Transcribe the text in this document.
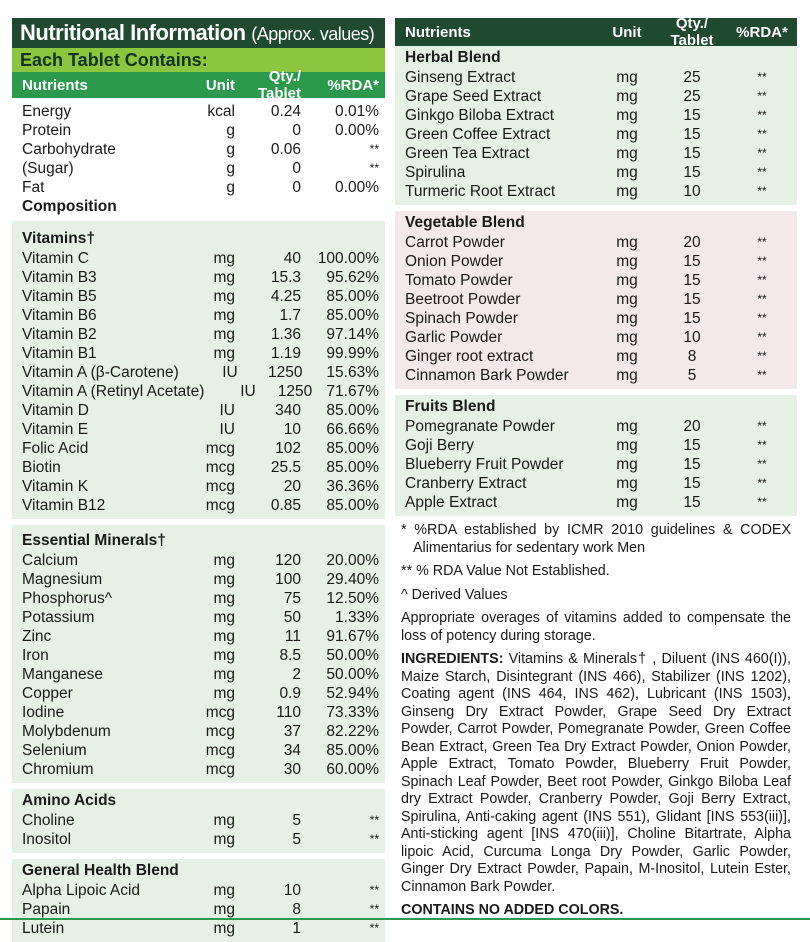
Nutritional Information (Approx. values)
Each Tablet Contains:
Nutrients	Unit	Qty./ Tablet	%RDA*
Energy	kcal	0.24	0.01%
Protein	g	0	0.00%
Carbohydrate	g	0.06	**
(Sugar)	g	0	**
Fat	g	0	0.00%
Composition
Vitamins†
Vitamin C	mg	40	100.00%
Vitamin B3	mg	15.3	95.62%
Vitamin B5	mg	4.25	85.00%
Vitamin B6	mg	1.7	85.00%
Vitamin B2	mg	1.36	97.14%
Vitamin B1	mg	1.19	99.99%
Vitamin A (β-Carotene)	IU	1250	15.63%
Vitamin A (Retinyl Acetate)	IU	1250 71.67%
Vitamin D	IU	340	85.00%
Vitamin E	IU	10	66.66%
Folic Acid	mcg	102	85.00%
Biotin	mcg	25.5	85.00%
Vitamin K	mcg	20	36.36%
Vitamin B12	mcg	0.85	85.00%
Essential Minerals†
Calcium	mg	120	20.00%
Magnesium	mg	100	29.40%
Phosphorus^	mg	75	12.50%
Potassium	mg	50	1.33%
Zinc	mg	11	91.67%
Iron	mg	8.5	50.00%
Manganese	mg	2	50.00%
Copper	mg	0.9	52.94%
Iodine	mcg	110	73.33%
Molybdenum	mcg	37	82.22%
Selenium	mcg	34	85.00%
Chromium	mcg	30	60.00%
Amino Acids
Choline	mg	5	**
Inositol	mg	5	**
General Health Blend
Alpha Lipoic Acid	mg	10	**
Papain	mg	8	**
Lutein	mg	1	**
Nutrients	Unit	Qty./ Tablet	%RDA*
Herbal Blend
Ginseng Extract	mg	25	**
Grape Seed Extract	mg	25	**
Ginkgo Biloba Extract	mg	15	**
Green Coffee Extract	mg	15	**
Green Tea Extract	mg	15	**
Spirulina	mg	15	**
Turmeric Root Extract	mg	10	**
Vegetable Blend
Carrot Powder	mg	20	**
Onion Powder	mg	15	**
Tomato Powder	mg	15	**
Beetroot Powder	mg	15	**
Spinach Powder	mg	15	**
Garlic Powder	mg	10	**
Ginger root extract	mg	8	**
Cinnamon Bark Powder	mg	5	**
Fruits Blend
Pomegranate Powder	mg	20	**
Goji Berry	mg	15	**
Blueberry Fruit Powder	mg	15	**
Cranberry Extract	mg	15	**
Apple Extract	mg	15	**

* %RDA established by ICMR 2010 guidelines & CODEX Alimentarius for sedentary work Men

** % RDA Value Not Established.

^ Derived Values

Appropriate overages of vitamins added to compensate the loss of potency during storage.

INGREDIENTS: Vitamins & Minerals† , Diluent (INS 460(I)), Maize Starch, Disintegrant (INS 466), Stabilizer (INS 1202), Coating agent (INS 464, INS 462), Lubricant (INS 1503), Ginseng Dry Extract Powder, Grape Seed Dry Extract Powder, Carrot Powder, Pomegranate Powder, Green Coffee Bean Extract, Green Tea Dry Extract Powder, Onion Powder, Apple Extract, Tomato Powder, Blueberry Fruit Powder, Spinach Leaf Powder, Beet root Powder, Ginkgo Biloba Leaf dry Extract Powder, Cranberry Powder, Goji Berry Extract, Spirulina, Anti-caking agent (INS 551), Glidant [INS 553(iii)], Anti-sticking agent [INS 470(iii)], Choline Bitartrate, Alpha lipoic Acid, Curcuma Longa Dry Powder, Garlic Powder, Ginger Dry Extract Powder, Papain, M-Inositol, Lutein Ester, Cinnamon Bark Powder.

CONTAINS NO ADDED COLORS.
